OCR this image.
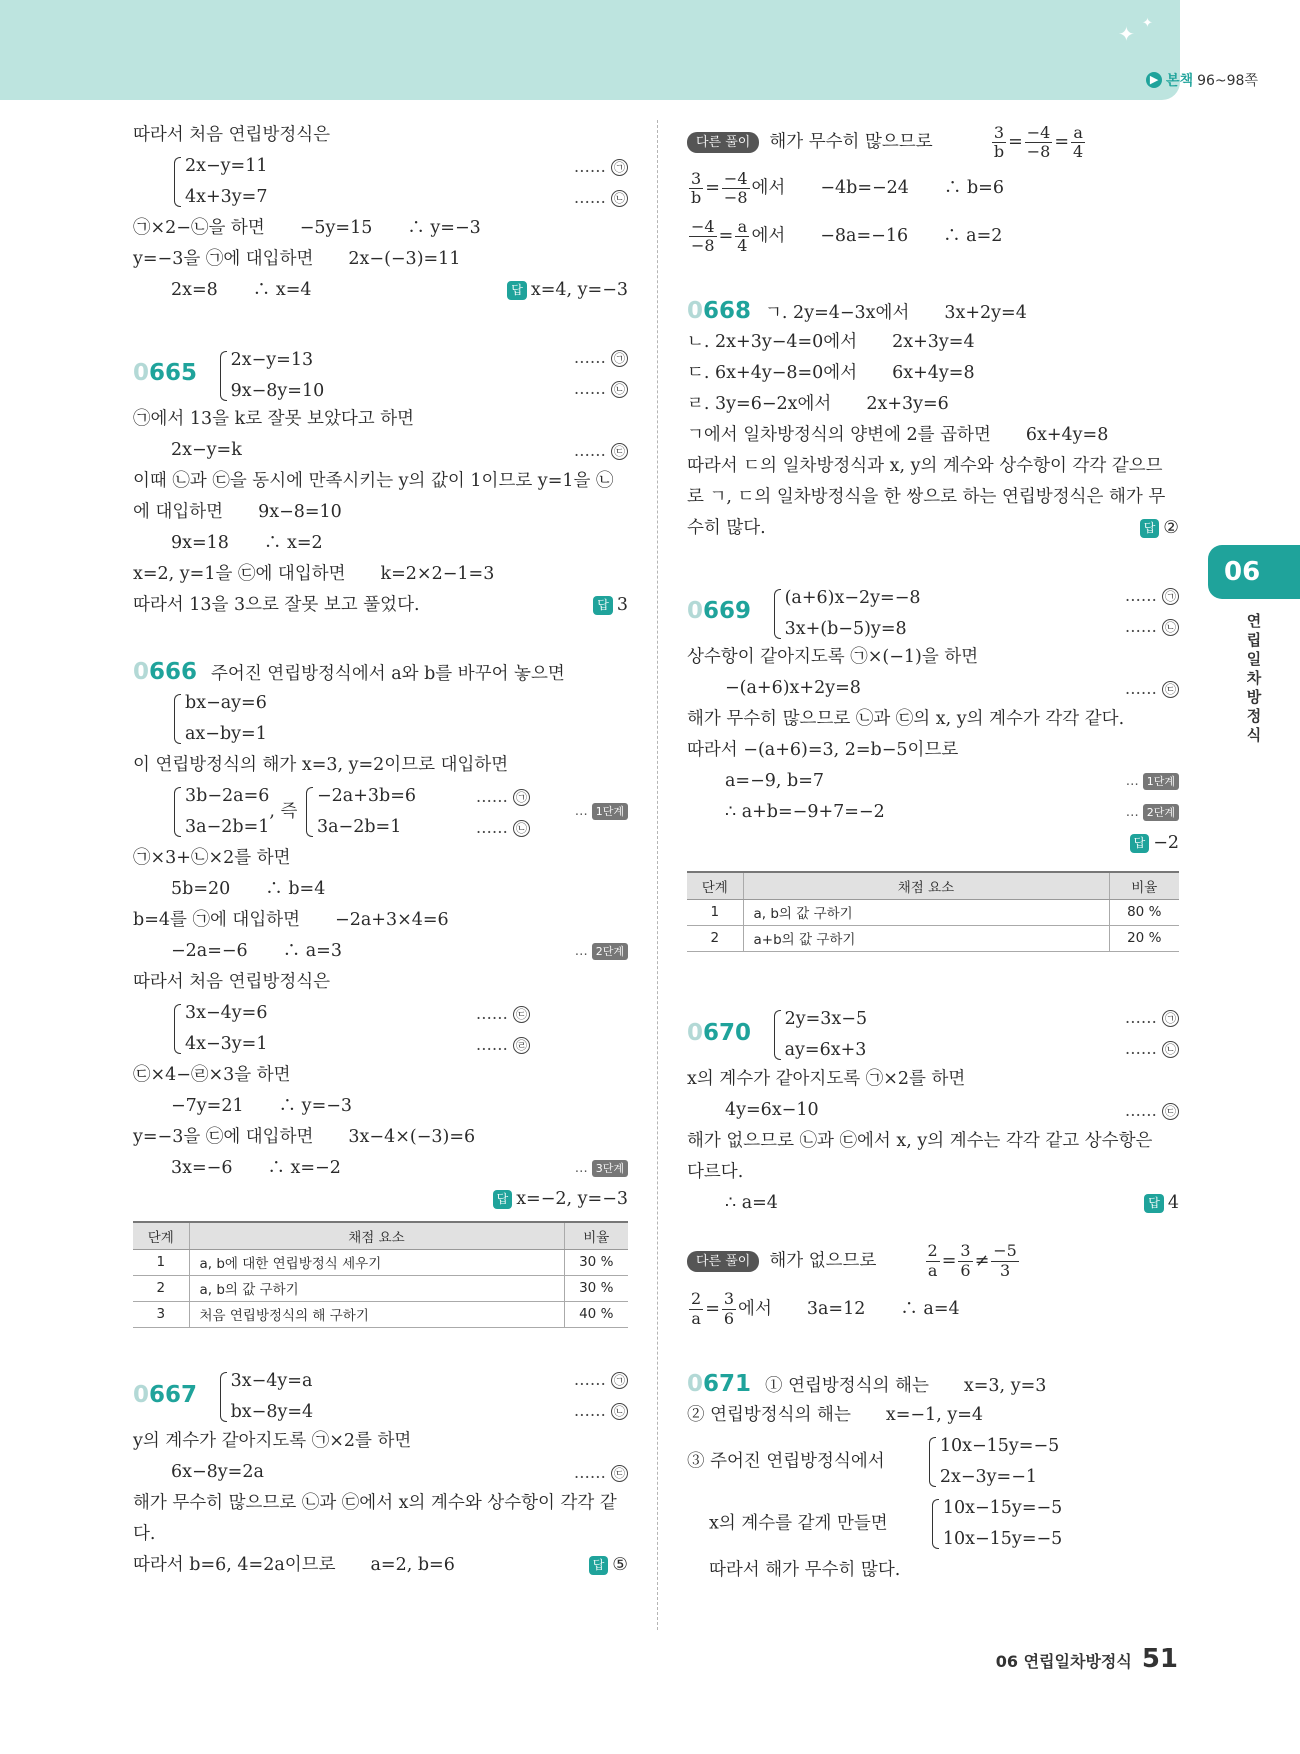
✦ ✦
▶ 본책 96~98쪽
따라서 처음 연립방정식은
2x−y=11
4x+3y=7
…… ㉠
…… ㉡
㉠×2−㉡을 하면　　−5y=15　　∴ y=−3
y=−3을 ㉠에 대입하면　　2x−(−3)=11
2x=8　　∴ x=4	답 x=4, y=−3
0665
2x−y=13
9x−8y=10
…… ㉠
…… ㉡
㉠에서 13을 k로 잘못 보았다고 하면
2x−y=k	…… ㉢
이때 ㉡과 ㉢을 동시에 만족시키는 y의 값이 1이므로 y=1을 ㉡
에 대입하면　　9x−8=10
9x=18　　∴ x=2
x=2, y=1을 ㉢에 대입하면　　k=2×2−1=3
따라서 13을 3으로 잘못 보고 풀었다.	답 3
0666 주어진 연립방정식에서 a와 b를 바꾸어 놓으면
bx−ay=6
ax−by=1
이 연립방정식의 해가 x=3, y=2이므로 대입하면
3b−2a=6
3a−2b=1
, 즉
−2a+3b=6
3a−2b=1
…… ㉠
…… ㉡
… 1단계
㉠×3+㉡×2를 하면
5b=20　　∴ b=4
b=4를 ㉠에 대입하면　　−2a+3×4=6
−2a=−6　　∴ a=3	… 2단계
따라서 처음 연립방정식은
3x−4y=6
4x−3y=1
…… ㉢
…… ㉣
㉢×4−㉣×3을 하면
−7y=21　　∴ y=−3
y=−3을 ㉢에 대입하면　　3x−4×(−3)=6
3x=−6　　∴ x=−2	… 3단계
답 x=−2, y=−3
단계	채점 요소	비율
1	a, b에 대한 연립방정식 세우기	30 %
2	a, b의 값 구하기	30 %
3	처음 연립방정식의 해 구하기	40 %
0667
3x−4y=a
bx−8y=4
…… ㉠
…… ㉡
y의 계수가 같아지도록 ㉠×2를 하면
6x−8y=2a	…… ㉢
해가 무수히 많으므로 ㉡과 ㉢에서 x의 계수와 상수항이 각각 같
다.
따라서 b=6, 4=2a이므로　　a=2, b=6	답 ⑤
다른 풀이 해가 무수히 많으므로	$\frac{3}{b} = \frac{-4}{-8} = \frac{a}{4}$
$\frac{3}{b} = \frac{-4}{-8}$ 에서　　−4b=−24　　∴ b=6
$\frac{-4}{-8} = \frac{a}{4}$ 에서　　−8a=−16　　∴ a=2
0668 ㄱ. 2y=4−3x에서　　3x+2y=4
ㄴ. 2x+3y−4=0에서　　2x+3y=4
ㄷ. 6x+4y−8=0에서　　6x+4y=8
ㄹ. 3y=6−2x에서　　2x+3y=6
ㄱ에서 일차방정식의 양변에 2를 곱하면　　6x+4y=8
따라서 ㄷ의 일차방정식과 x, y의 계수와 상수항이 각각 같으므
로 ㄱ, ㄷ의 일차방정식을 한 쌍으로 하는 연립방정식은 해가 무
수히 많다.	답 ②
0669
(a+6)x−2y=−8
3x+(b−5)y=8
…… ㉠
…… ㉡
상수항이 같아지도록 ㉠×(−1)을 하면
−(a+6)x+2y=8	…… ㉢
해가 무수히 많으므로 ㉡과 ㉢의 x, y의 계수가 각각 같다.
따라서 −(a+6)=3, 2=b−5이므로
a=−9, b=7	… 1단계
∴ a+b=−9+7=−2	… 2단계
답 −2
단계	채점 요소	비율
1	a, b의 값 구하기	80 %
2	a+b의 값 구하기	20 %
0670
2y=3x−5
ay=6x+3
…… ㉠
…… ㉡
x의 계수가 같아지도록 ㉠×2를 하면
4y=6x−10	…… ㉢
해가 없으므로 ㉡과 ㉢에서 x, y의 계수는 각각 같고 상수항은
다르다.
∴ a=4	답 4
다른 풀이 해가 없으므로	$\frac{2}{a} = \frac{3}{6} \ne \frac{-5}{3}$
$\frac{2}{a} = \frac{3}{6}$ 에서　　3a=12　　∴ a=4
0671 ① 연립방정식의 해는　　x=3, y=3
② 연립방정식의 해는　　x=−1, y=4
③ 주어진 연립방정식에서
10x−15y=−5
2x−3y=−1
x의 계수를 같게 만들면
10x−15y=−5
10x−15y=−5
따라서 해가 무수히 많다.
06
연립일차방정식
06 연립일차방정식 51
